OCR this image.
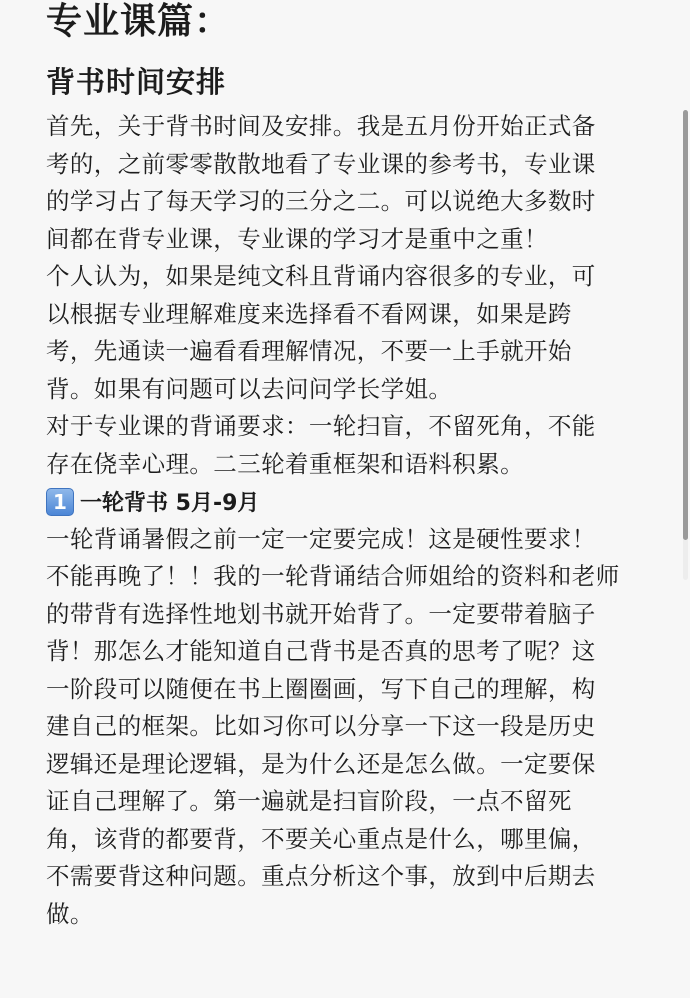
专业课篇：
背书时间安排
首先，关于背书时间及安排。我是五月份开始正式备
考的，之前零零散散地看了专业课的参考书，专业课
的学习占了每天学习的三分之二。可以说绝大多数时
间都在背专业课，专业课的学习才是重中之重！
个人认为，如果是纯文科且背诵内容很多的专业，可
以根据专业理解难度来选择看不看网课，如果是跨
考，先通读一遍看看理解情况，不要一上手就开始
背。如果有问题可以去问问学长学姐。
对于专业课的背诵要求：一轮扫盲，不留死角，不能
存在侥幸心理。二三轮着重框架和语料积累。
1 一轮背书 5月-9月
一轮背诵暑假之前一定一定要完成！这是硬性要求！
不能再晚了！！我的一轮背诵结合师姐给的资料和老师
的带背有选择性地划书就开始背了。一定要带着脑子
背！那怎么才能知道自己背书是否真的思考了呢？这
一阶段可以随便在书上圈圈画，写下自己的理解，构
建自己的框架。比如习你可以分享一下这一段是历史
逻辑还是理论逻辑，是为什么还是怎么做。一定要保
证自己理解了。第一遍就是扫盲阶段，一点不留死
角，该背的都要背，不要关心重点是什么，哪里偏，
不需要背这种问题。重点分析这个事，放到中后期去
做。
